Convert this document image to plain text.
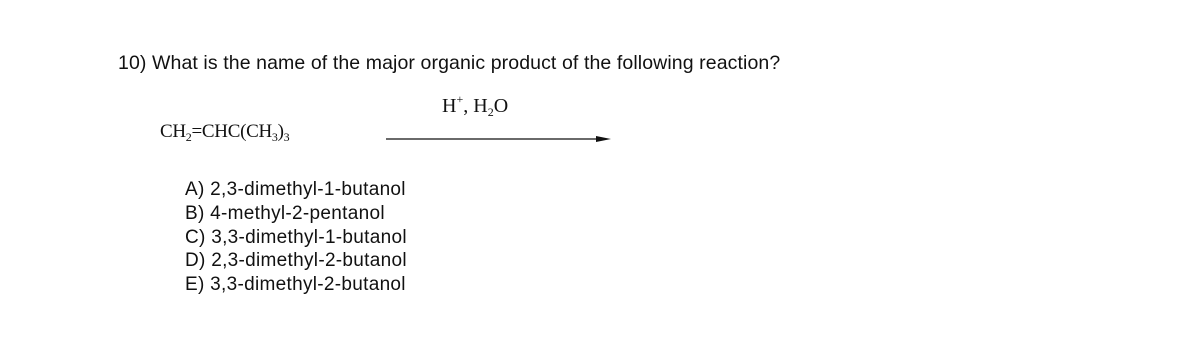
10) What is the name of the major organic product of the following reaction?
$CH_2=CHC(CH_3)_3$
H+, $H_2O$
A) 2,3-dimethyl-1-butanol
B) 4-methyl-2-pentanol
C) 3,3-dimethyl-1-butanol
D) 2,3-dimethyl-2-butanol
E) 3,3-dimethyl-2-butanol
